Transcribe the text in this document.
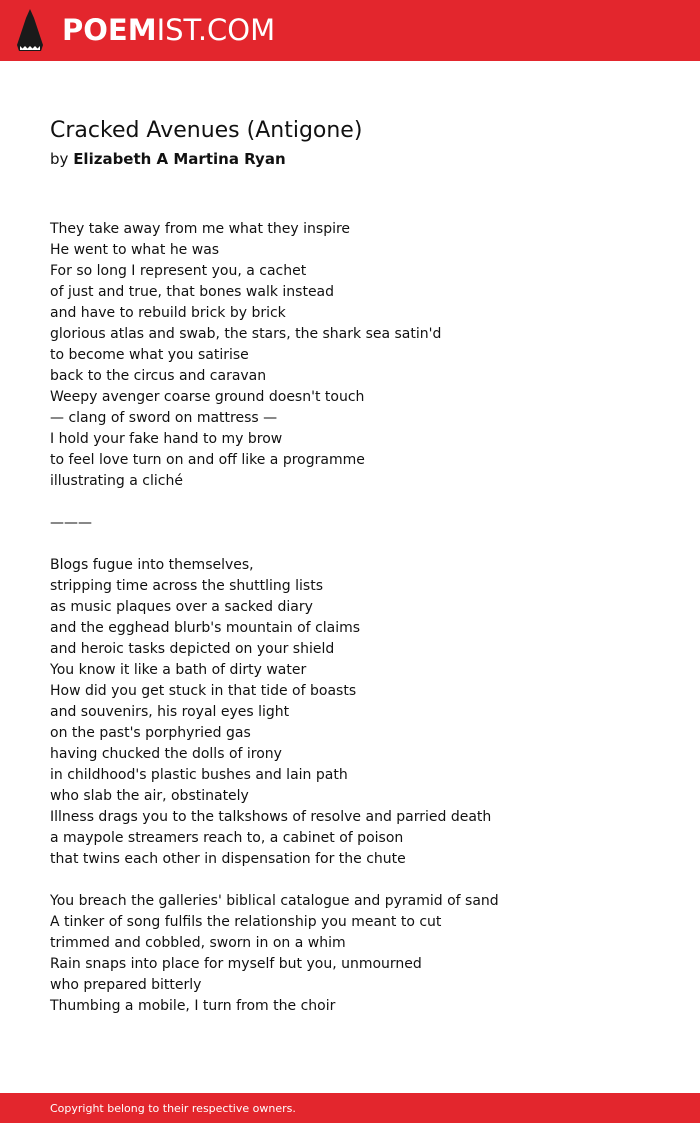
POEMIST.COM
Cracked Avenues (Antigone)
by Elizabeth A Martina Ryan
They take away from me what they inspire
He went to what he was
For so long I represent you, a cachet
of just and true, that bones walk instead
and have to rebuild brick by brick
glorious atlas and swab, the stars, the shark sea satin'd
to become what you satirise
back to the circus and caravan
Weepy avenger coarse ground doesn't touch
— clang of sword on mattress —
I hold your fake hand to my brow
to feel love turn on and off like a programme
illustrating a cliché
———
Blogs fugue into themselves,
stripping time across the shuttling lists
as music plaques over a sacked diary
and the egghead blurb's mountain of claims
and heroic tasks depicted on your shield
You know it like a bath of dirty water
How did you get stuck in that tide of boasts
and souvenirs, his royal eyes light
on the past's porphyried gas
having chucked the dolls of irony
in childhood's plastic bushes and lain path
who slab the air, obstinately
Illness drags you to the talkshows of resolve and parried death
a maypole streamers reach to, a cabinet of poison
that twins each other in dispensation for the chute
You breach the galleries' biblical catalogue and pyramid of sand
A tinker of song fulfils the relationship you meant to cut
trimmed and cobbled, sworn in on a whim
Rain snaps into place for myself but you, unmourned
who prepared bitterly
Thumbing a mobile, I turn from the choir
Copyright belong to their respective owners.
